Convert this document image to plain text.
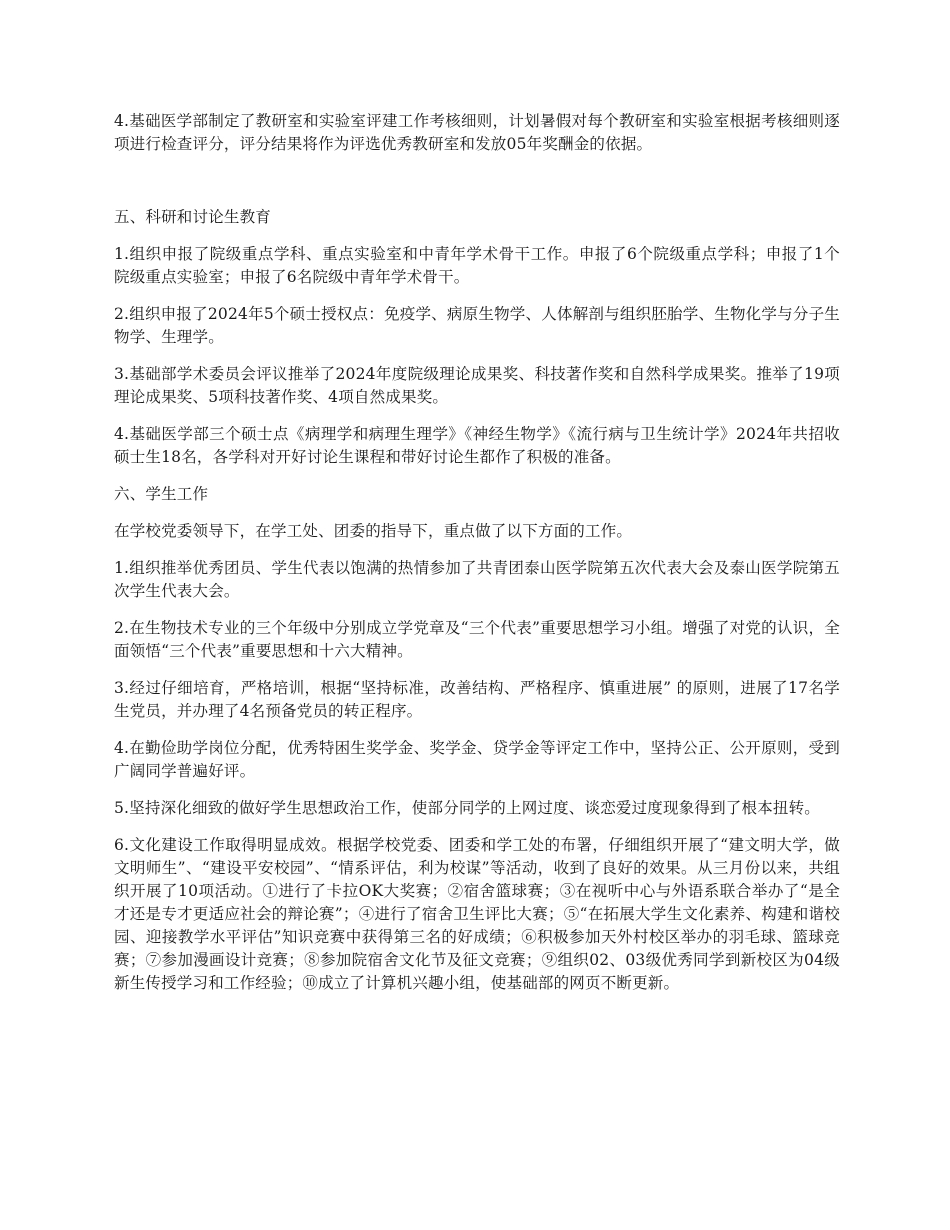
4.基础医学部制定了教研室和实验室评建工作考核细则，计划暑假对每个教研室和实验室根据考核细则逐项进行检查评分，评分结果将作为评选优秀教研室和发放05年奖酬金的依据。

五、科研和讨论生教育

1.组织申报了院级重点学科、重点实验室和中青年学术骨干工作。申报了6个院级重点学科；申报了1个院级重点实验室；申报了6名院级中青年学术骨干。

2.组织申报了2024年5个硕士授权点：免疫学、病原生物学、人体解剖与组织胚胎学、生物化学与分子生物学、生理学。

3.基础部学术委员会评议推举了2024年度院级理论成果奖、科技著作奖和自然科学成果奖。推举了19项理论成果奖、5项科技著作奖、4项自然成果奖。

4.基础医学部三个硕士点《病理学和病理生理学》《神经生物学》《流行病与卫生统计学》2024年共招收硕士生18名，各学科对开好讨论生课程和带好讨论生都作了积极的准备。

六、学生工作

在学校党委领导下，在学工处、团委的指导下，重点做了以下方面的工作。

1.组织推举优秀团员、学生代表以饱满的热情参加了共青团泰山医学院第五次代表大会及泰山医学院第五次学生代表大会。

2.在生物技术专业的三个年级中分别成立学党章及“三个代表”重要思想学习小组。增强了对党的认识，全面领悟“三个代表”重要思想和十六大精神。

3.经过仔细培育，严格培训，根据“坚持标准，改善结构、严格程序、慎重进展” 的原则，进展了17名学生党员，并办理了4名预备党员的转正程序。

4.在勤俭助学岗位分配，优秀特困生奖学金、奖学金、贷学金等评定工作中，坚持公正、公开原则，受到广阔同学普遍好评。

5.坚持深化细致的做好学生思想政治工作，使部分同学的上网过度、谈恋爱过度现象得到了根本扭转。

6.文化建设工作取得明显成效。根据学校党委、团委和学工处的布署，仔细组织开展了“建文明大学，做文明师生”、“建设平安校园”、“情系评估，利为校谋”等活动，收到了良好的效果。从三月份以来，共组织开展了10项活动。①进行了卡拉OK大奖赛；②宿舍篮球赛；③在视听中心与外语系联合举办了“是全才还是专才更适应社会的辩论赛”；④进行了宿舍卫生评比大赛；⑤“在拓展大学生文化素养、构建和谐校园、迎接教学水平评估”知识竞赛中获得第三名的好成绩；⑥积极参加天外村校区举办的羽毛球、篮球竞赛；⑦参加漫画设计竞赛；⑧参加院宿舍文化节及征文竞赛；⑨组织02、03级优秀同学到新校区为04级新生传授学习和工作经验；⑩成立了计算机兴趣小组，使基础部的网页不断更新。
